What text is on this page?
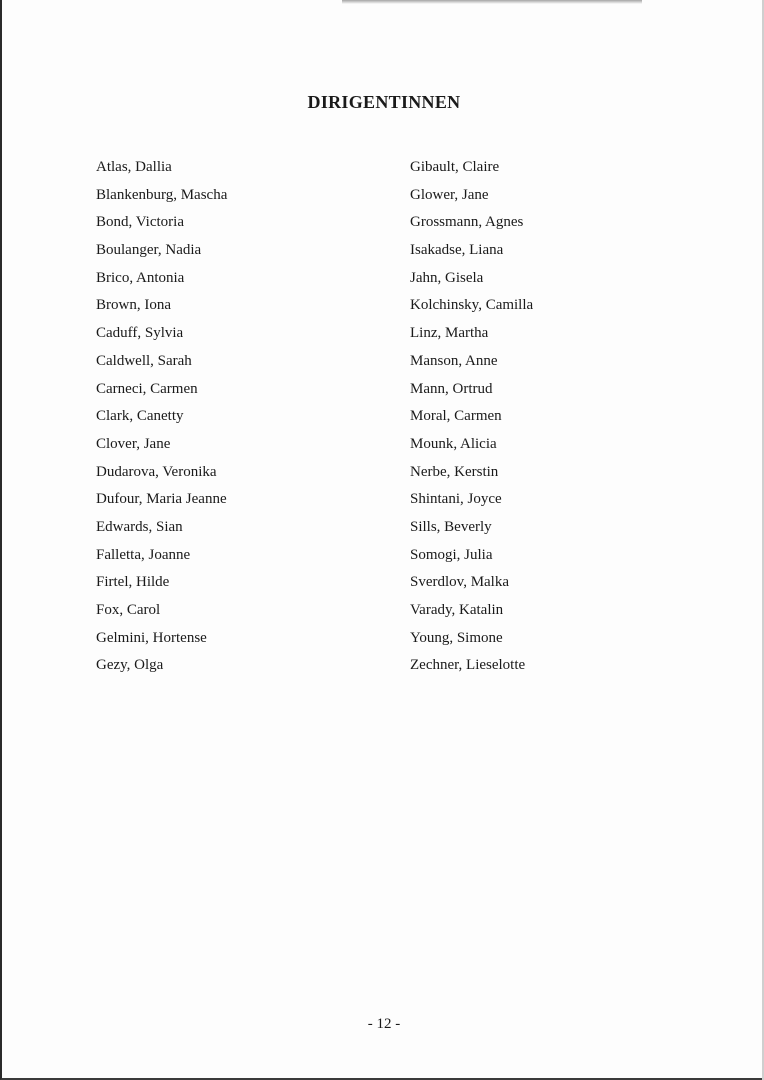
DIRIGENTINNEN
Atlas, Dallia
Blankenburg, Mascha
Bond, Victoria
Boulanger, Nadia
Brico, Antonia
Brown, Iona
Caduff, Sylvia
Caldwell, Sarah
Carneci, Carmen
Clark, Canetty
Clover, Jane
Dudarova, Veronika
Dufour, Maria Jeanne
Edwards, Sian
Falletta, Joanne
Firtel, Hilde
Fox, Carol
Gelmini, Hortense
Gezy, Olga
Gibault, Claire
Glower, Jane
Grossmann, Agnes
Isakadse, Liana
Jahn, Gisela
Kolchinsky, Camilla
Linz, Martha
Manson, Anne
Mann, Ortrud
Moral, Carmen
Mounk, Alicia
Nerbe, Kerstin
Shintani, Joyce
Sills, Beverly
Somogi, Julia
Sverdlov, Malka
Varady, Katalin
Young, Simone
Zechner, Lieselotte
- 12 -
